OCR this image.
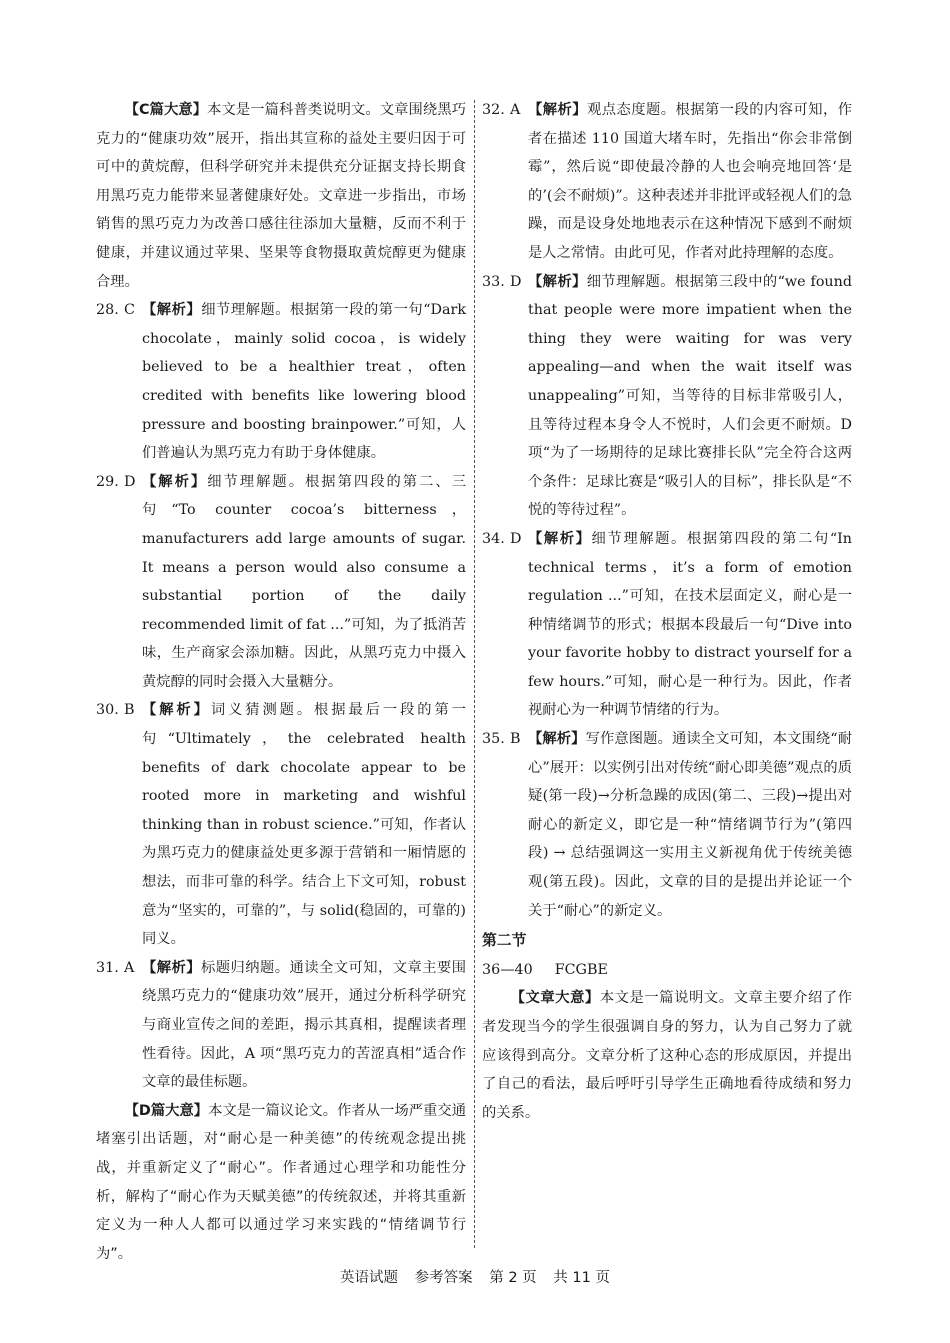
【C篇大意】本文是一篇科普类说明文。文章围绕黑巧克力的“健康功效”展开，指出其宣称的益处主要归因于可可中的黄烷醇，但科学研究并未提供充分证据支持长期食用黑巧克力能带来显著健康好处。文章进一步指出，市场销售的黑巧克力为改善口感往往添加大量糖，反而不利于健康，并建议通过苹果、坚果等食物摄取黄烷醇更为健康合理。

28. C 【解析】细节理解题。根据第一段的第一句“Dark chocolate，mainly solid cocoa，is widely believed to be a healthier treat，often credited with benefits like lowering blood pressure and boosting brainpower.”可知，人们普遍认为黑巧克力有助于身体健康。
29. D 【解析】细节理解题。根据第四段的第二、三句“To counter cocoa’s bitterness，manufacturers add large amounts of sugar. It means a person would also consume a substantial portion of the daily recommended limit of fat ...”可知，为了抵消苦味，生产商家会添加糖。因此，从黑巧克力中摄入黄烷醇的同时会摄入大量糖分。
30. B 【解析】词义猜测题。根据最后一段的第一句“Ultimately，the celebrated health benefits of dark chocolate appear to be rooted more in marketing and wishful thinking than in robust science.”可知，作者认为黑巧克力的健康益处更多源于营销和一厢情愿的想法，而非可靠的科学。结合上下文可知，robust 意为“坚实的，可靠的”，与 solid(稳固的，可靠的)同义。
31. A 【解析】标题归纳题。通读全文可知，文章主要围绕黑巧克力的“健康功效”展开，通过分析科学研究与商业宣传之间的差距，揭示其真相，提醒读者理性看待。因此，A 项“黑巧克力的苦涩真相”适合作文章的最佳标题。

【D篇大意】本文是一篇议论文。作者从一场严重交通堵塞引出话题，对“耐心是一种美德”的传统观念提出挑战，并重新定义了“耐心”。作者通过心理学和功能性分析，解构了“耐心作为天赋美德”的传统叙述，并将其重新定义为一种人人都可以通过学习来实践的“情绪调节行为”。

32. A 【解析】观点态度题。根据第一段的内容可知，作者在描述 110 国道大堵车时，先指出“你会非常倒霉”，然后说“即使最冷静的人也会响亮地回答‘是的’(会不耐烦)”。这种表述并非批评或轻视人们的急躁，而是设身处地地表示在这种情况下感到不耐烦是人之常情。由此可见，作者对此持理解的态度。
33. D 【解析】细节理解题。根据第三段中的“we found that people were more impatient when the thing they were waiting for was very appealing—and when the wait itself was unappealing”可知，当等待的目标非常吸引人，且等待过程本身令人不悦时，人们会更不耐烦。D 项“为了一场期待的足球比赛排长队”完全符合这两个条件：足球比赛是“吸引人的目标”，排长队是“不悦的等待过程”。
34. D 【解析】细节理解题。根据第四段的第二句“In technical terms，it’s a form of emotion regulation ...”可知，在技术层面定义，耐心是一种情绪调节的形式；根据本段最后一句“Dive into your favorite hobby to distract yourself for a few hours.”可知，耐心是一种行为。因此，作者视耐心为一种调节情绪的行为。
35. B 【解析】写作意图题。通读全文可知，本文围绕“耐心”展开：以实例引出对传统“耐心即美德”观点的质疑(第一段)→分析急躁的成因(第二、三段)→提出对耐心的新定义，即它是一种“情绪调节行为”(第四段) → 总结强调这一实用主义新视角优于传统美德观(第五段)。因此，文章的目的是提出并论证一个关于“耐心”的新定义。

第二节

36—40 FCGBE

【文章大意】本文是一篇说明文。文章主要介绍了作者发现当今的学生很强调自身的努力，认为自己努力了就应该得到高分。文章分析了这种心态的形成原因，并提出了自己的看法，最后呼吁引导学生正确地看待成绩和努力的关系。

英语试题 参考答案 第 2 页 共 11 页
